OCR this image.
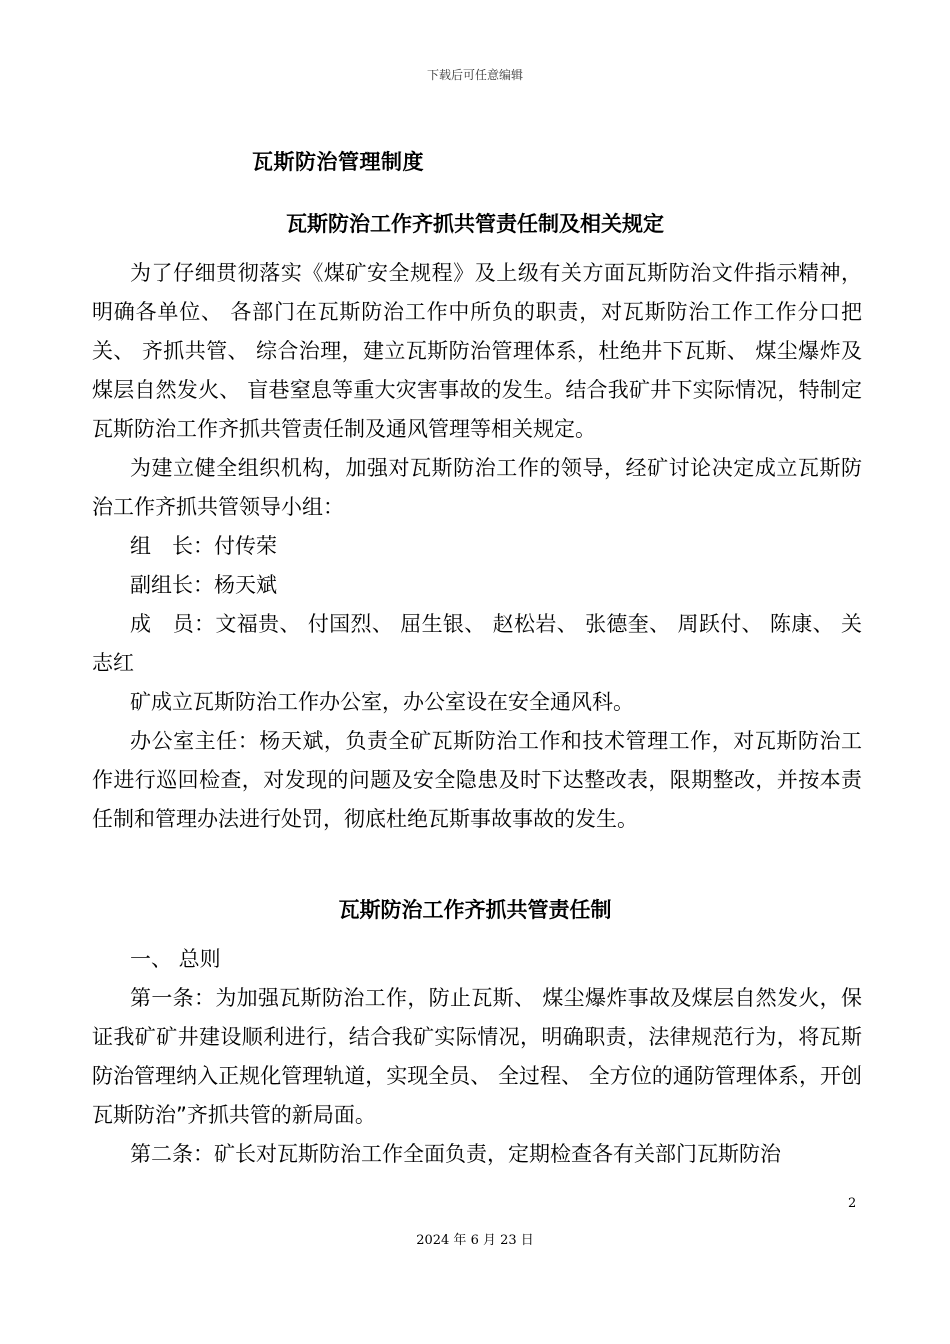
下载后可任意编辑
瓦斯防治管理制度
瓦斯防治工作齐抓共管责任制及相关规定

为了仔细贯彻落实《煤矿安全规程》及上级有关方面瓦斯防治文件指示精神，明确各单位、 各部门在瓦斯防治工作中所负的职责，对瓦斯防治工作工作分口把关、 齐抓共管、 综合治理，建立瓦斯防治管理体系，杜绝井下瓦斯、 煤尘爆炸及煤层自然发火、 盲巷窒息等重大灾害事故的发生。结合我矿井下实际情况，特制定瓦斯防治工作齐抓共管责任制及通风管理等相关规定。

为建立健全组织机构，加强对瓦斯防治工作的领导，经矿讨论决定成立瓦斯防治工作齐抓共管领导小组：

组　长：付传荣

副组长：杨天斌

成　员：文福贵、 付国烈、 屈生银、 赵松岩、 张德奎、 周跃付、 陈康、 关志红

矿成立瓦斯防治工作办公室，办公室设在安全通风科。

办公室主任：杨天斌，负责全矿瓦斯防治工作和技术管理工作，对瓦斯防治工作进行巡回检查，对发现的问题及安全隐患及时下达整改表，限期整改，并按本责任制和管理办法进行处罚，彻底杜绝瓦斯事故事故的发生。

瓦斯防治工作齐抓共管责任制

一、 总则

第一条：为加强瓦斯防治工作，防止瓦斯、 煤尘爆炸事故及煤层自然发火，保证我矿矿井建设顺利进行，结合我矿实际情况，明确职责，法律规范行为，将瓦斯防治管理纳入正规化管理轨道，实现全员、 全过程、 全方位的通防管理体系，开创瓦斯防治”齐抓共管的新局面。

第二条：矿长对瓦斯防治工作全面负责，定期检查各有关部门瓦斯防治

2
2024 年 6 月 23 日
